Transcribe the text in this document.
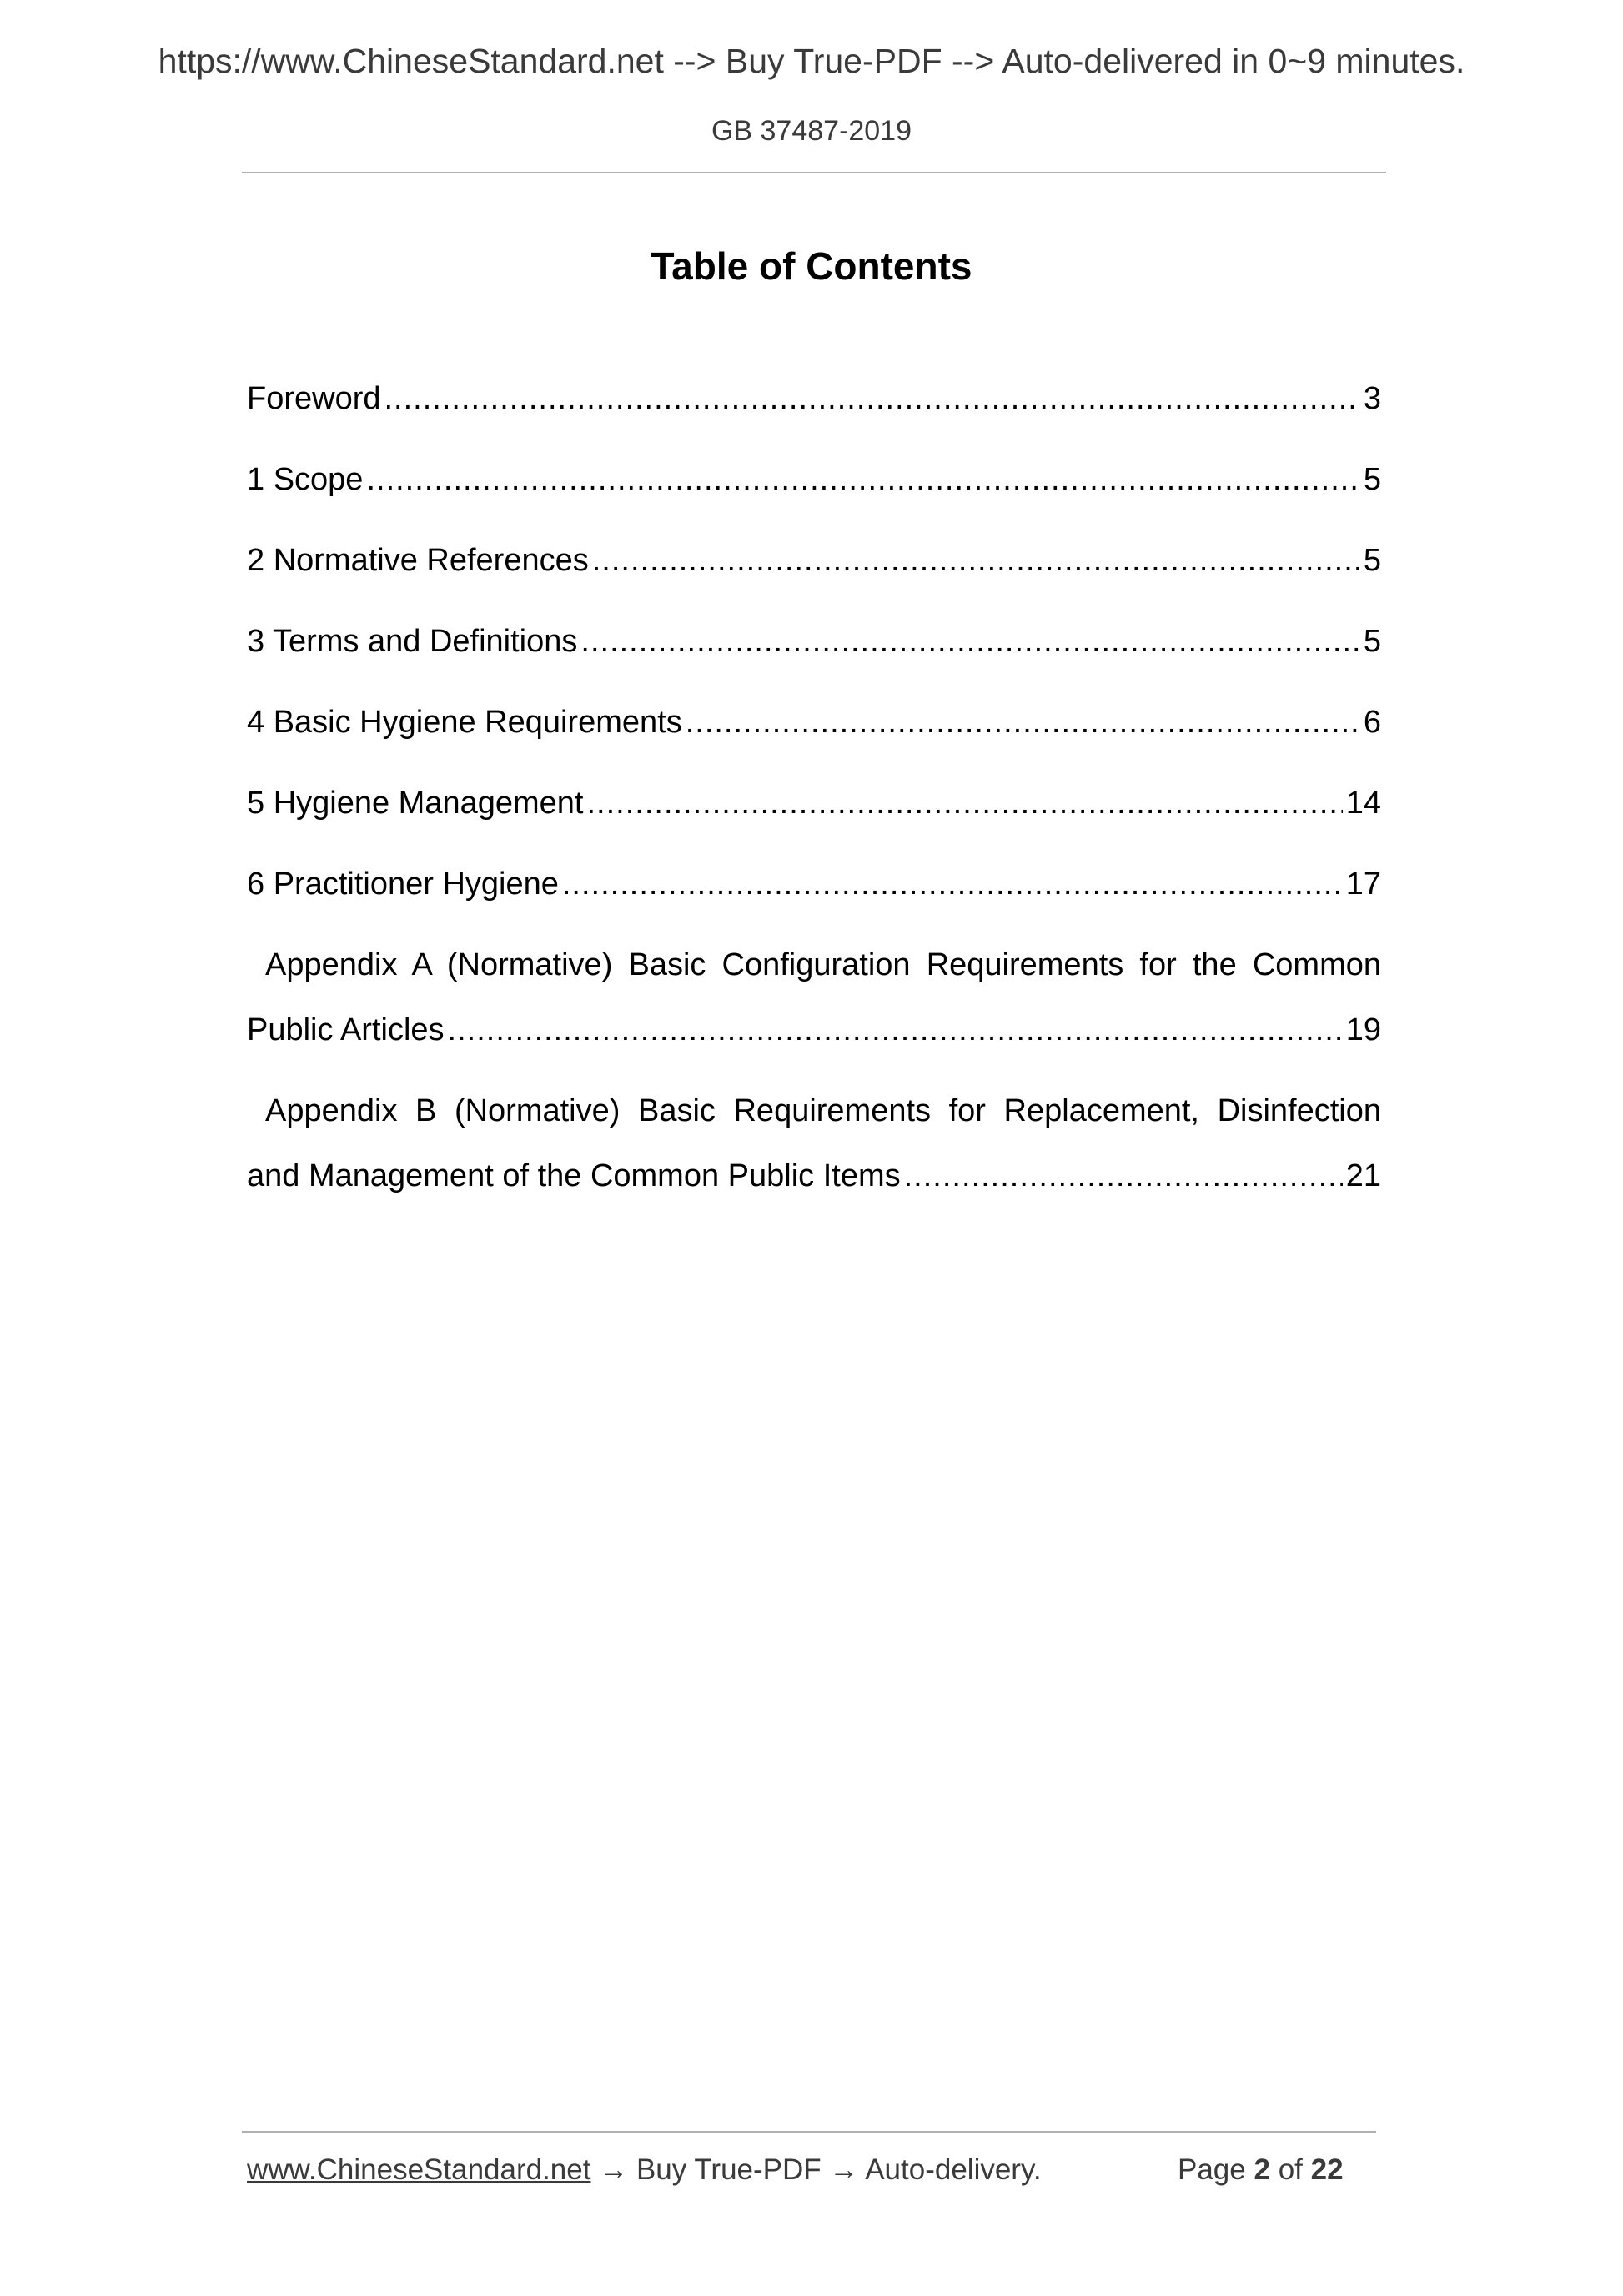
https://www.ChineseStandard.net --> Buy True-PDF --> Auto-delivered in 0~9 minutes.
GB 37487-2019
Table of Contents
Foreword .....	3
1 Scope .....	5
2 Normative References .....	5
3 Terms and Definitions .....	5
4 Basic Hygiene Requirements .....	6
5 Hygiene Management .....	14
6 Practitioner Hygiene .....	17
Appendix A (Normative) Basic Configuration Requirements for the Common
Public Articles .....	19
Appendix B (Normative) Basic Requirements for Replacement, Disinfection
and Management of the Common Public Items .....	21
www.ChineseStandard.net → Buy True-PDF → Auto-delivery.	Page 2 of 22
